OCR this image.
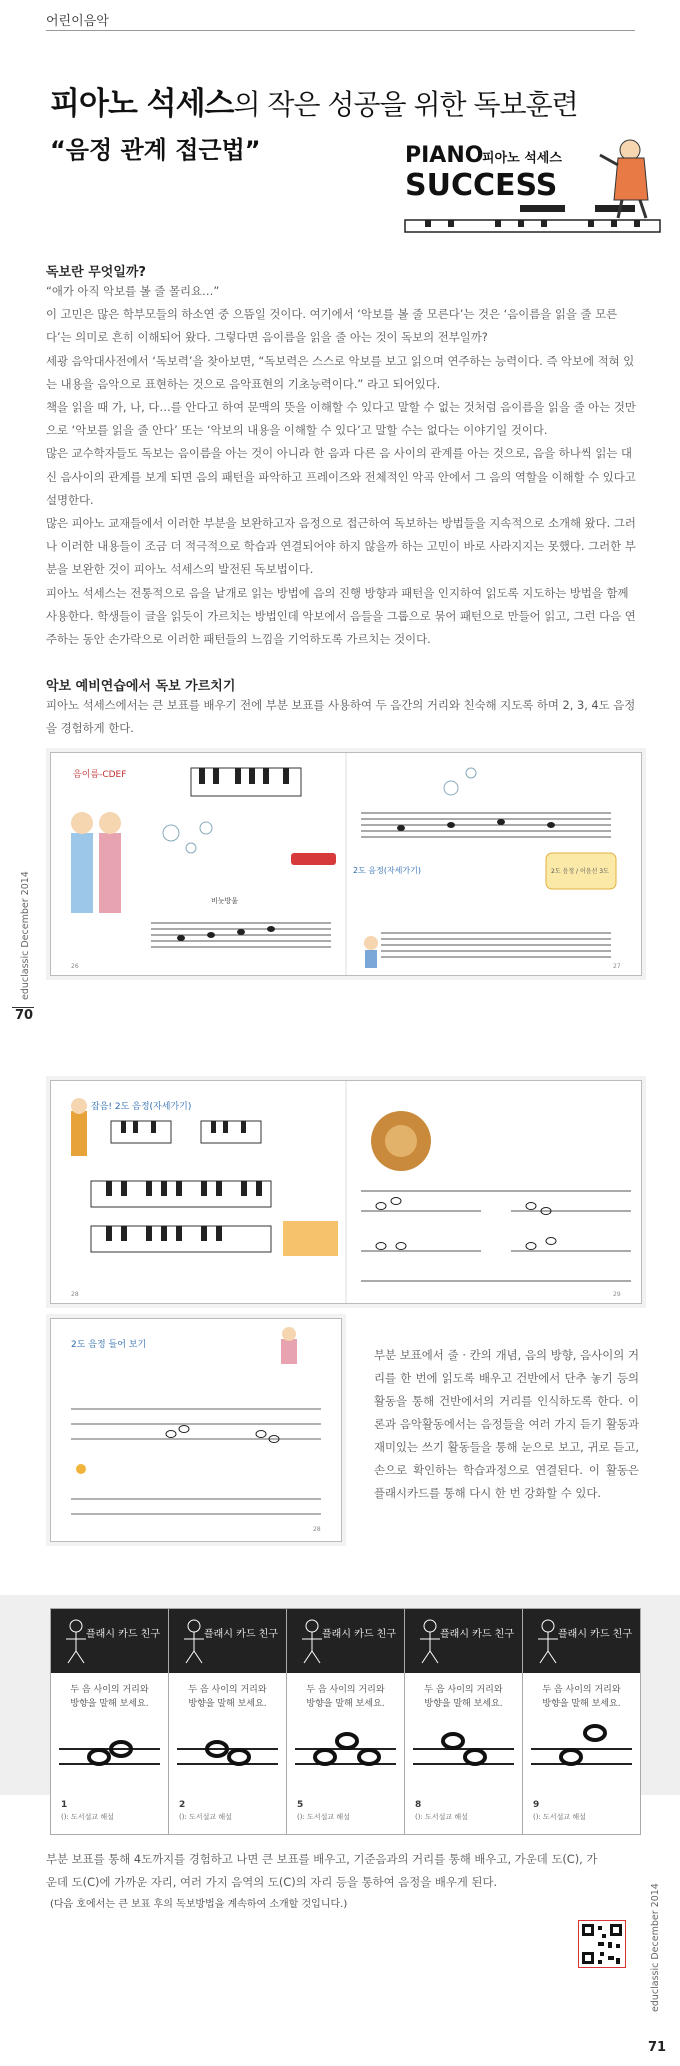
어린이음악
피아노 석세스의 작은 성공을 위한 독보훈련
“음정 관계 접근법”	PIANO
피아노 석세스
SUCCESS
독보란 무엇일까?

“애가 아직 악보를 볼 줄 몰리요…”

이 고민은 많은 학부모들의 하소연 중 으뜸일 것이다. 여기에서 ‘악보를 볼 줄 모른다’는 것은 ‘음이름을 읽을 줄 모른다’는 의미로 흔히 이해되어 왔다. 그렇다면 음이름을 읽을 줄 아는 것이 독보의 전부일까?

세광 음악대사전에서 ‘독보력’을 찾아보면, “독보력은 스스로 악보를 보고 읽으며 연주하는 능력이다. 즉 악보에 적혀 있는 내용을 음악으로 표현하는 것으로 음악표현의 기초능력이다.” 라고 되어있다.

책을 읽을 때 가, 나, 다…를 안다고 하여 문맥의 뜻을 이해할 수 있다고 말할 수 없는 것처럼 음이름을 읽을 줄 아는 것만으로 ‘악보를 읽을 줄 안다’ 또는 ‘악보의 내용을 이해할 수 있다’고 말할 수는 없다는 이야기일 것이다.

많은 교수학자들도 독보는 음이름을 아는 것이 아니라 한 음과 다른 음 사이의 관계를 아는 것으로, 음을 하나씩 읽는 대신 음사이의 관계를 보게 되면 음의 패턴을 파악하고 프레이즈와 전체적인 악곡 안에서 그 음의 역할을 이해할 수 있다고 설명한다.

많은 피아노 교재들에서 이러한 부분을 보완하고자 음정으로 접근하여 독보하는 방법들을 지속적으로 소개해 왔다. 그러나 이러한 내용들이 조금 더 적극적으로 학습과 연결되어야 하지 않을까 하는 고민이 바로 사라지지는 못했다. 그러한 부분을 보완한 것이 피아노 석세스의 발전된 독보법이다.

피아노 석세스는 전통적으로 음을 낱개로 읽는 방법에 음의 진행 방향과 패턴을 인지하여 읽도록 지도하는 방법을 함께 사용한다. 학생들이 글을 읽듯이 가르치는 방법인데 악보에서 음들을 그룹으로 묶어 패턴으로 만들어 읽고, 그런 다음 연주하는 동안 손가락으로 이러한 패턴들의 느낌을 기억하도록 가르치는 것이다.

악보 예비연습에서 독보 가르치기
피아노 석세스에서는 큰 보표를 배우기 전에 부분 보표를 사용하여 두 음간의 거리와 친숙해 지도록 하며 2, 3, 4도 음정을 경험하게 한다.
educlassic December 2014
70
educlassic December 2014
71
음이름-CDEF
비눗방울
2도 음정(자세가기)	2도 음정 / 이음선 3도
26	27
잡음! 2도 음정(자세가기)
28	29
2도 음정 들어 보기
28
부분 보표에서 줄 · 칸의 개념, 음의 방향, 음사이의 거리를 한 번에 읽도록 배우고 건반에서 단추 놓기 등의 활동을 통해 건반에서의 거리를 인식하도록 한다. 이론과 음악활동에서는 음정들을 여러 가지 듣기 활동과 재미있는 쓰기 활동들을 통해 눈으로 보고, 귀로 듣고, 손으로 확인하는 학습과정으로 연결된다. 이 활동은 플래시카드를 통해 다시 한 번 강화할 수 있다.
플래시 카드 친구
두 음 사이의 거리와
방향을 말해 보세요.
1
(): 도서설교 해설
플래시 카드 친구
두 음 사이의 거리와
방향을 말해 보세요.
2
(): 도서설교 해설
플래시 카드 친구
두 음 사이의 거리와
방향을 말해 보세요.
5
(): 도서설교 해설
플래시 카드 친구
두 음 사이의 거리와
방향을 말해 보세요.
8
(): 도서설교 해설
플래시 카드 친구
두 음 사이의 거리와
방향을 말해 보세요.
9
(): 도서설교 해설
부분 보표를 통해 4도까지를 경험하고 나면 큰 보표를 배우고, 기준음과의 거리를 통해 배우고, 가운데 도(C), 가운데 도(C)에 가까운 자리, 여러 가지 음역의 도(C)의 자리 등을 통하여 음정을 배우게 된다.
(다음 호에서는 큰 보표 후의 독보방법을 계속하여 소개할 것입니다.)
